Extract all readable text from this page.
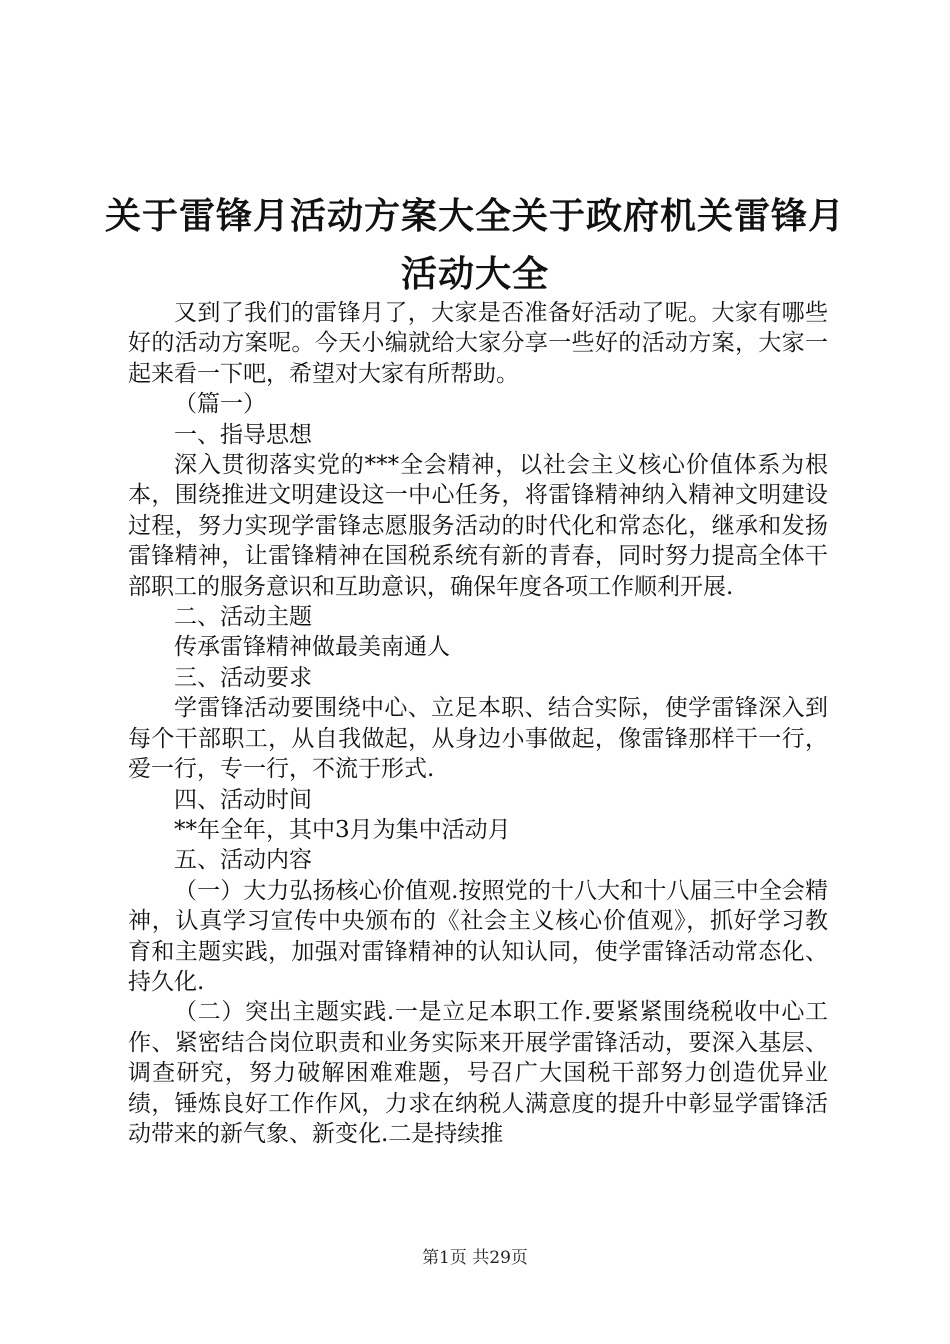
关于雷锋月活动方案大全关于政府机关雷锋月
活动大全

又到了我们的雷锋月了，大家是否准备好活动了呢。大家有哪些好的活动方案呢。今天小编就给大家分享一些好的活动方案，大家一起来看一下吧，希望对大家有所帮助。

（篇一）

一、指导思想

深入贯彻落实党的***全会精神，以社会主义核心价值体系为根本，围绕推进文明建设这一中心任务，将雷锋精神纳入精神文明建设过程，努力实现学雷锋志愿服务活动的时代化和常态化，继承和发扬雷锋精神，让雷锋精神在国税系统有新的青春，同时努力提高全体干部职工的服务意识和互助意识，确保年度各项工作顺利开展.

二、活动主题

传承雷锋精神做最美南通人

三、活动要求

学雷锋活动要围绕中心、立足本职、结合实际，使学雷锋深入到每个干部职工，从自我做起，从身边小事做起，像雷锋那样干一行，爱一行，专一行，不流于形式.

四、活动时间

**年全年，其中3月为集中活动月

五、活动内容

（一）大力弘扬核心价值观.按照党的十八大和十八届三中全会精神，认真学习宣传中央颁布的《社会主义核心价值观》，抓好学习教育和主题实践，加强对雷锋精神的认知认同，使学雷锋活动常态化、持久化.

（二）突出主题实践.一是立足本职工作.要紧紧围绕税收中心工作、紧密结合岗位职责和业务实际来开展学雷锋活动，要深入基层、调查研究，努力破解困难难题，号召广大国税干部努力创造优异业绩，锤炼良好工作作风，力求在纳税人满意度的提升中彰显学雷锋活动带来的新气象、新变化.二是持续推

第1页 共29页
